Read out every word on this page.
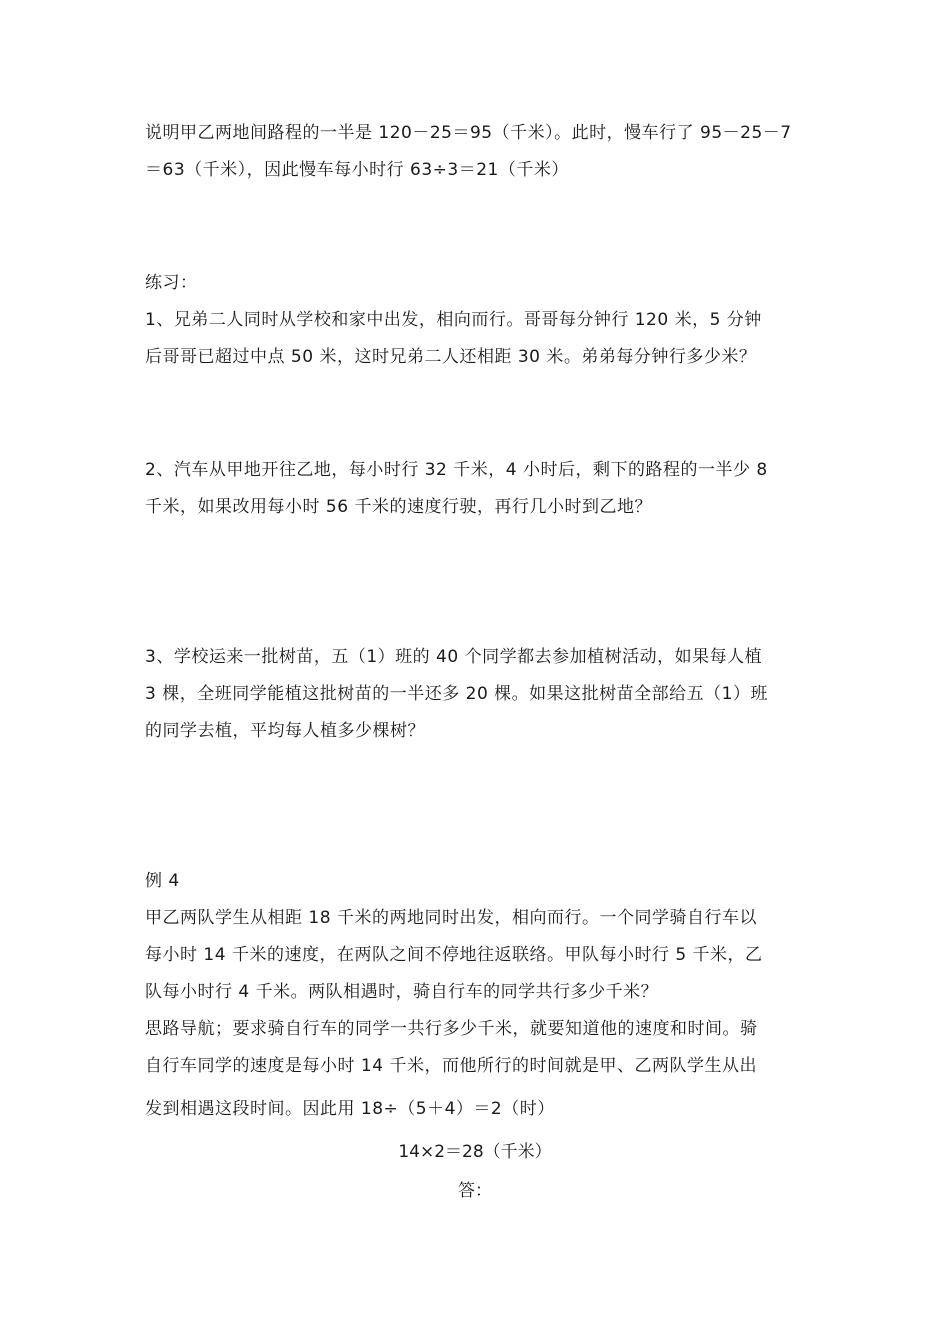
说明甲乙两地间路程的一半是 120－25＝95（千米）。此时，慢车行了 95－25－7
＝63（千米），因此慢车每小时行 63÷3＝21（千米）
练习：
1、兄弟二人同时从学校和家中出发，相向而行。哥哥每分钟行 120 米，5 分钟
后哥哥已超过中点 50 米，这时兄弟二人还相距 30 米。弟弟每分钟行多少米？
2、汽车从甲地开往乙地，每小时行 32 千米，4 小时后，剩下的路程的一半少 8
千米，如果改用每小时 56 千米的速度行驶，再行几小时到乙地？
3、学校运来一批树苗，五（1）班的 40 个同学都去参加植树活动，如果每人植
3 棵，全班同学能植这批树苗的一半还多 20 棵。如果这批树苗全部给五（1）班
的同学去植，平均每人植多少棵树？
例 4
甲乙两队学生从相距 18 千米的两地同时出发，相向而行。一个同学骑自行车以
每小时 14 千米的速度，在两队之间不停地往返联络。甲队每小时行 5 千米，乙
队每小时行 4 千米。两队相遇时，骑自行车的同学共行多少千米？
思路导航；要求骑自行车的同学一共行多少千米，就要知道他的速度和时间。骑
自行车同学的速度是每小时 14 千米，而他所行的时间就是甲、乙两队学生从出
发到相遇这段时间。因此用 18÷（5＋4）＝2（时）
14×2＝28（千米）
答：
